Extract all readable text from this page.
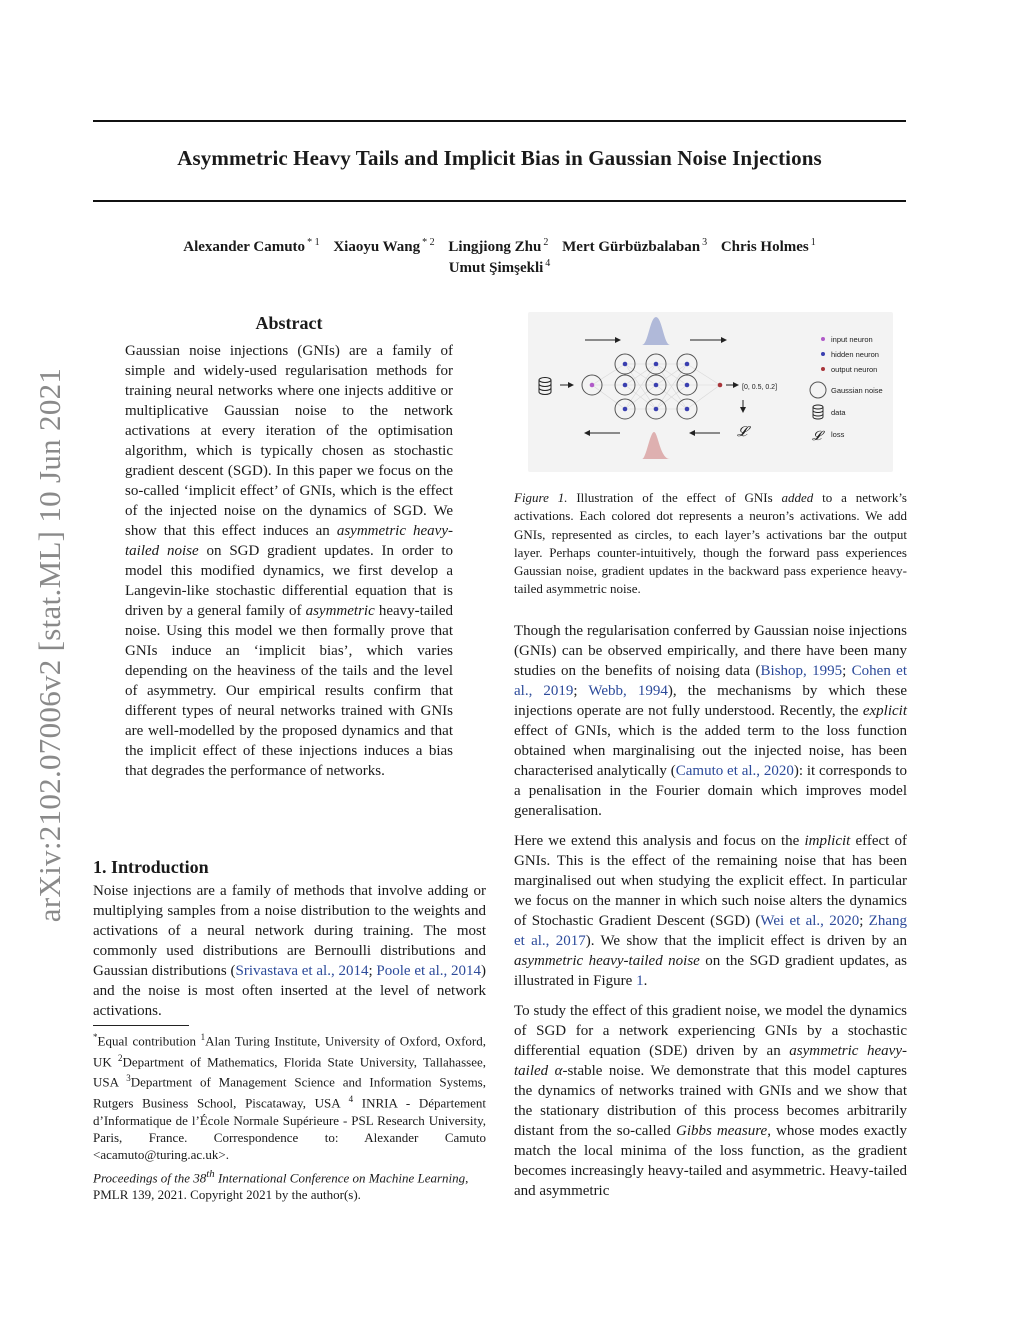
arXiv:2102.07006v2 [stat.ML] 10 Jun 2021
Asymmetric Heavy Tails and Implicit Bias in Gaussian Noise Injections
Alexander Camuto $^{* 1}$ Xiaoyu Wang $^{* 2}$ Lingjiong Zhu $^2$ Mert Gürbüzbalaban $^3$ Chris Holmes $^1$
Umut Şimşekli $^4$
Abstract
Gaussian noise injections (GNIs) are a family of simple and widely-used regularisation methods for training neural networks where one injects additive or multiplicative Gaussian noise to the network activations at every iteration of the optimisation algorithm, which is typically chosen as stochastic gradient descent (SGD). In this paper we focus on the so-called ‘implicit effect’ of GNIs, which is the effect of the injected noise on the dynamics of SGD. We show that this effect induces an asymmetric heavy-tailed noise on SGD gradient updates. In order to model this modified dynamics, we first develop a Langevin-like stochastic differential equation that is driven by a general family of asymmetric heavy-tailed noise. Using this model we then formally prove that GNIs induce an ‘implicit bias’, which varies depending on the heaviness of the tails and the level of asymmetry. Our empirical results confirm that different types of neural networks trained with GNIs are well-modelled by the proposed dynamics and that the implicit effect of these injections induces a bias that degrades the performance of networks.
1. Introduction
Noise injections are a family of methods that involve adding or multiplying samples from a noise distribution to the weights and activations of a neural network during training. The most commonly used distributions are Bernoulli distributions and Gaussian distributions (Srivastava et al., 2014; Poole et al., 2014) and the noise is most often inserted at the level of network activations.
*Equal contribution $^1$Alan Turing Institute, University of Oxford, Oxford, UK $^2$Department of Mathematics, Florida State University, Tallahassee, USA $^3$Department of Management Science and Information Systems, Rutgers Business School, Piscataway, USA $^4$ INRIA - Département d’Informatique de l’École Normale Supérieure - PSL Research University, Paris, France. Correspondence to: Alexander Camuto <acamuto@turing.ac.uk>.
Proceedings of the 38th International Conference on Machine Learning, PMLR 139, 2021. Copyright 2021 by the author(s).
[0, 0.5, 0.2]
𝓛
input neuron
hidden neuron
output neuron
Gaussian noise
data
𝓛	loss
Figure 1. Illustration of the effect of GNIs added to a network’s activations. Each colored dot represents a neuron’s activations. We add GNIs, represented as circles, to each layer’s activations bar the output layer. Perhaps counter-intuitively, though the forward pass experiences Gaussian noise, gradient updates in the backward pass experience heavy-tailed asymmetric noise.

Though the regularisation conferred by Gaussian noise injections (GNIs) can be observed empirically, and there have been many studies on the benefits of noising data (Bishop, 1995; Cohen et al., 2019; Webb, 1994), the mechanisms by which these injections operate are not fully understood. Recently, the explicit effect of GNIs, which is the added term to the loss function obtained when marginalising out the injected noise, has been characterised analytically (Camuto et al., 2020): it corresponds to a penalisation in the Fourier domain which improves model generalisation.

Here we extend this analysis and focus on the implicit effect of GNIs. This is the effect of the remaining noise that has been marginalised out when studying the explicit effect. In particular we focus on the manner in which such noise alters the dynamics of Stochastic Gradient Descent (SGD) (Wei et al., 2020; Zhang et al., 2017). We show that the implicit effect is driven by an asymmetric heavy-tailed noise on the SGD gradient updates, as illustrated in Figure 1.

To study the effect of this gradient noise, we model the dynamics of SGD for a network experiencing GNIs by a stochastic differential equation (SDE) driven by an asymmetric heavy-tailed α-stable noise. We demonstrate that this model captures the dynamics of networks trained with GNIs and we show that the stationary distribution of this process becomes arbitrarily distant from the so-called Gibbs measure, whose modes exactly match the local minima of the loss function, as the gradient becomes increasingly heavy-tailed and asymmetric. Heavy-tailed and asymmetric
